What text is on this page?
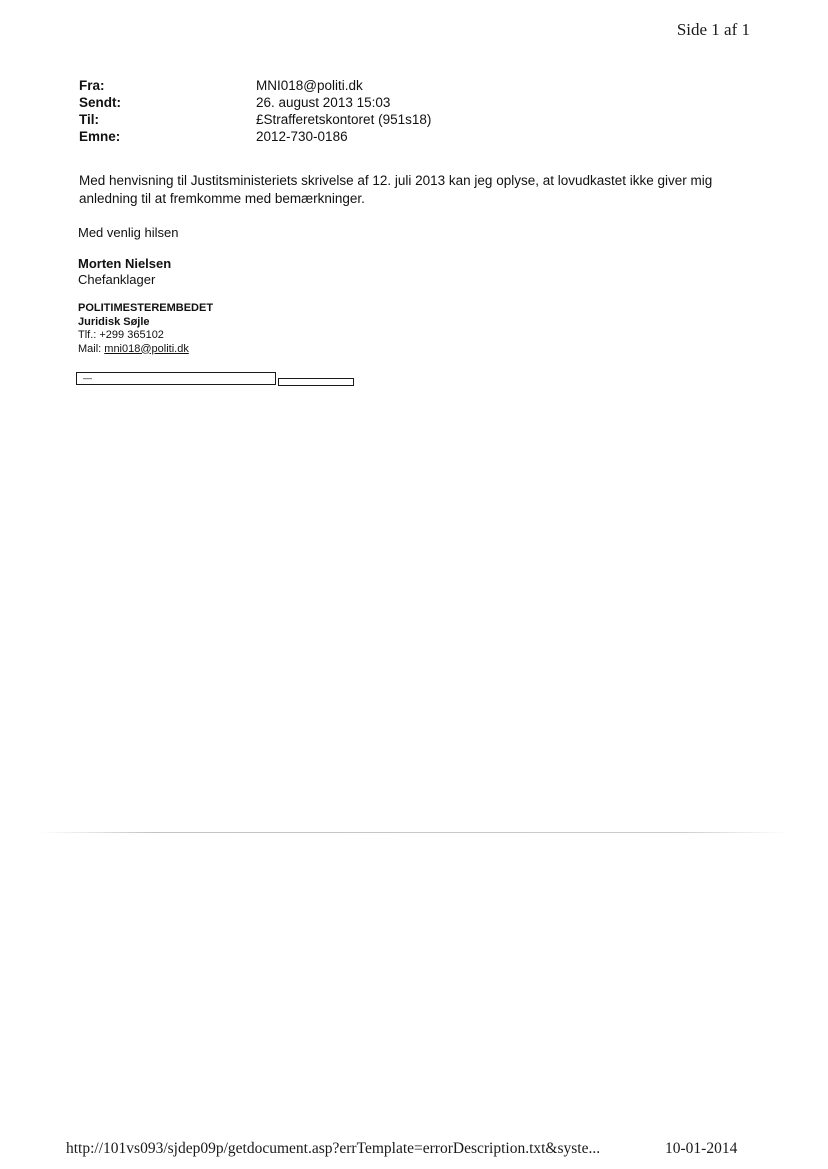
Side 1 af 1
Fra:	MNI018@politi.dk
Sendt:	26. august 2013 15:03
Til:	£Strafferetskontoret (951s18)
Emne:	2012-730-0186
Med henvisning til Justitsministeriets skrivelse af 12. juli 2013 kan jeg oplyse, at lovudkastet ikke giver mig anledning til at fremkomme med bemærkninger.
Med venlig hilsen
Morten Nielsen
Chefanklager
POLITIMESTEREMBEDET
Juridisk Søjle
Tlf.: +299 365102
Mail: mni018@politi.dk
—
http://101vs093/sjdep09p/getdocument.asp?errTemplate=errorDescription.txt&syste...	10-01-2014
